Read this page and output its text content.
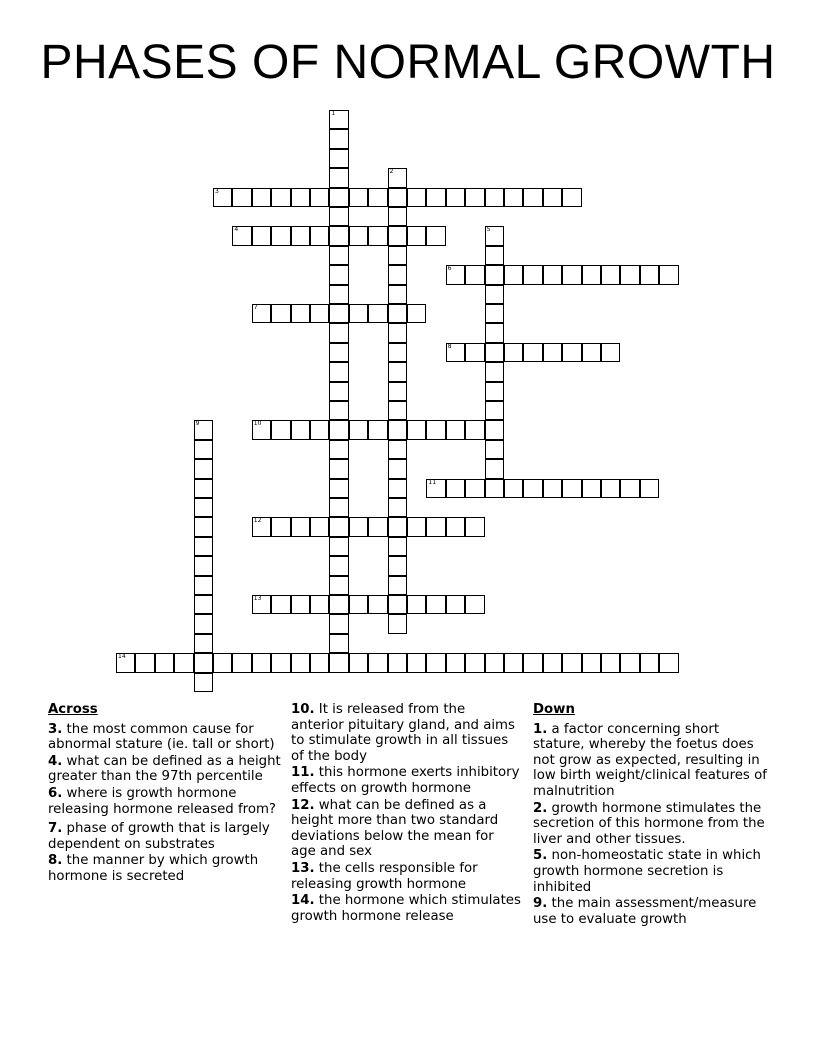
PHASES OF NORMAL GROWTH
1
2
3
4	5
6
7
8
9	10
11
12
13
14
Across
3. the most common cause for abnormal stature (ie. tall or short)
4. what can be defined as a height greater than the 97th percentile
6. where is growth hormone releasing hormone released from?
7. phase of growth that is largely dependent on substrates
8. the manner by which growth hormone is secreted
10. It is released from the anterior pituitary gland, and aims to stimulate growth in all tissues of the body
11. this hormone exerts inhibitory effects on growth hormone
12. what can be defined as a height more than two standard deviations below the mean for age and sex
13. the cells responsible for releasing growth hormone
14. the hormone which stimulates growth hormone release
Down
1. a factor concerning short stature, whereby the foetus does not grow as expected, resulting in low birth weight/clinical features of malnutrition
2. growth hormone stimulates the secretion of this hormone from the liver and other tissues.
5. non-homeostatic state in which growth hormone secretion is inhibited
9. the main assessment/measure use to evaluate growth
